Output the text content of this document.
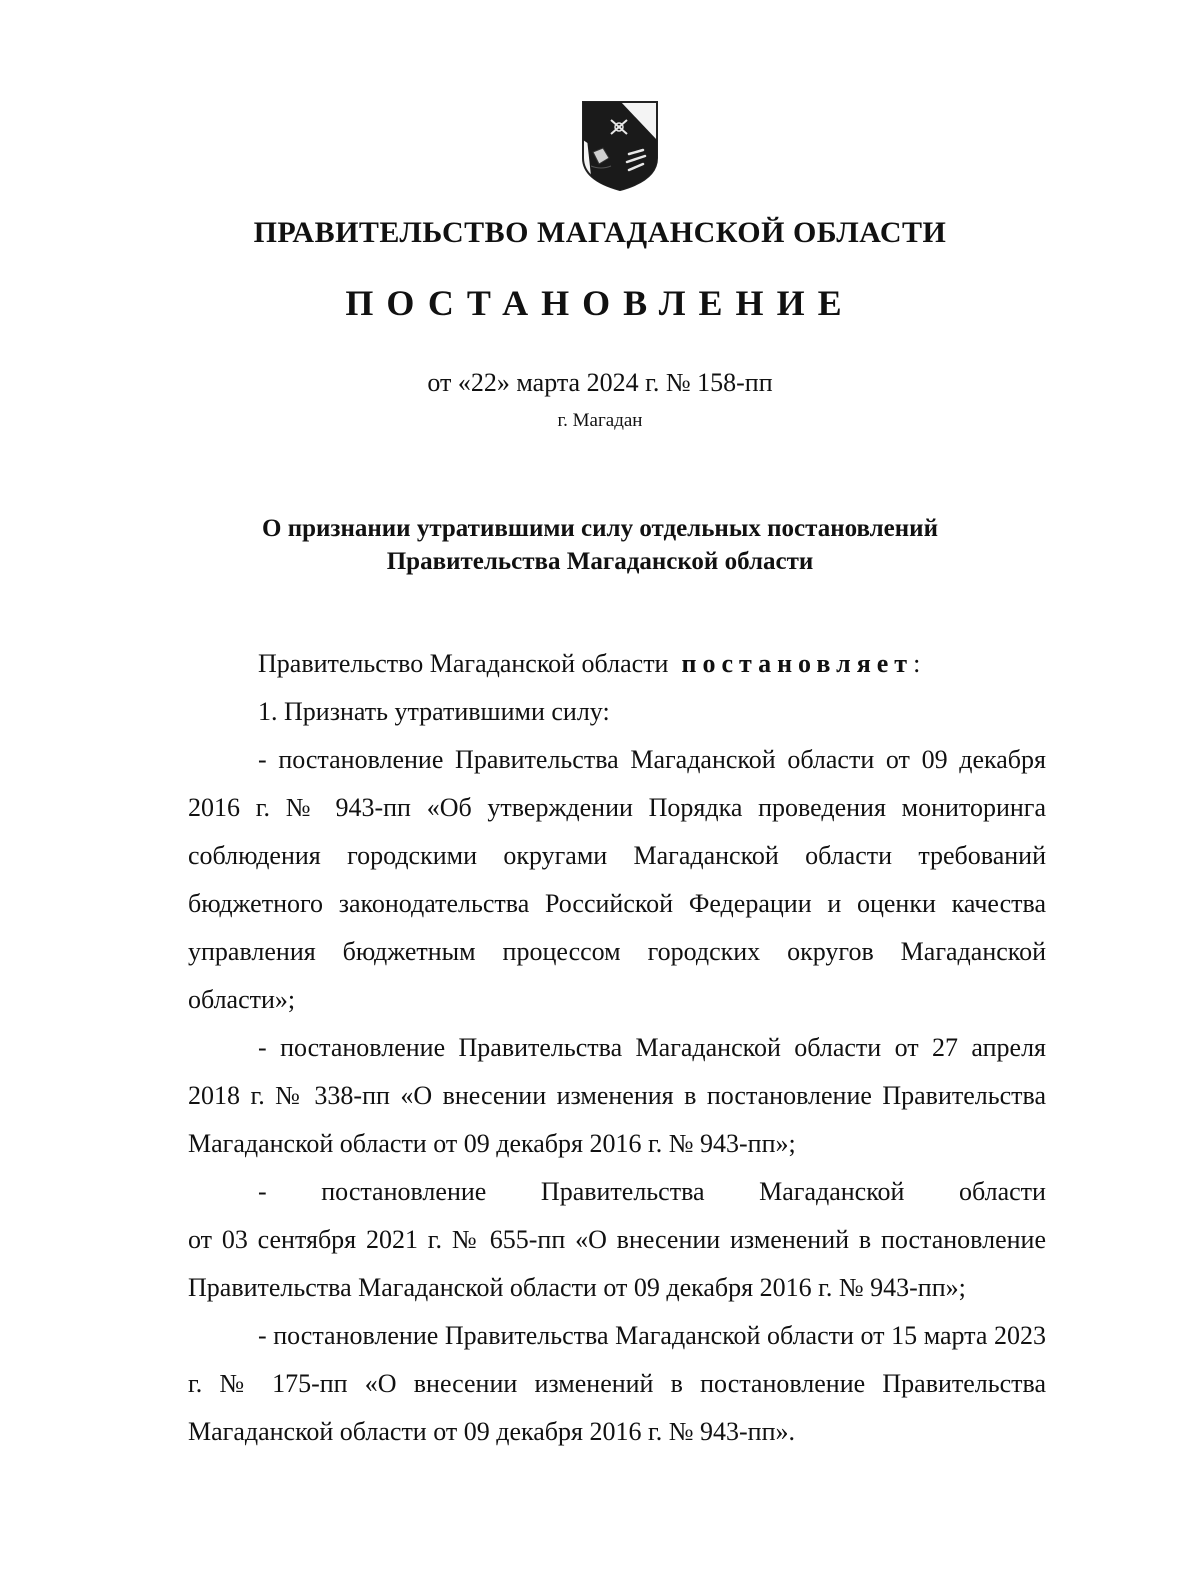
ПРАВИТЕЛЬСТВО МАГАДАНСКОЙ ОБЛАСТИ
ПОСТАНОВЛЕНИЕ
от «22» марта 2024 г. № 158-пп
г. Магадан
О признании утратившими силу отдельных постановлений
Правительства Магаданской области

Правительство Магаданской области постановляет:

1. Признать утратившими силу:

- постановление Правительства Магаданской области от 09 декабря 2016 г. № 943-пп «Об утверждении Порядка проведения мониторинга соблюдения городскими округами Магаданской области требований бюджетного законодательства Российской Федерации и оценки качества управления бюджетным процессом городских округов Магаданской области»;

- постановление Правительства Магаданской области от 27 апреля 2018 г. № 338-пп «О внесении изменения в постановление Правительства Магаданской области от 09 декабря 2016 г. № 943-пп»;

- постановление Правительства Магаданской области

от 03 сентября 2021 г. № 655-пп «О внесении изменений в постановление Правительства Магаданской области от 09 декабря 2016 г. № 943-пп»;

- постановление Правительства Магаданской области от 15 марта 2023 г. № 175-пп «О внесении изменений в постановление Правительства Магаданской области от 09 декабря 2016 г. № 943-пп».
